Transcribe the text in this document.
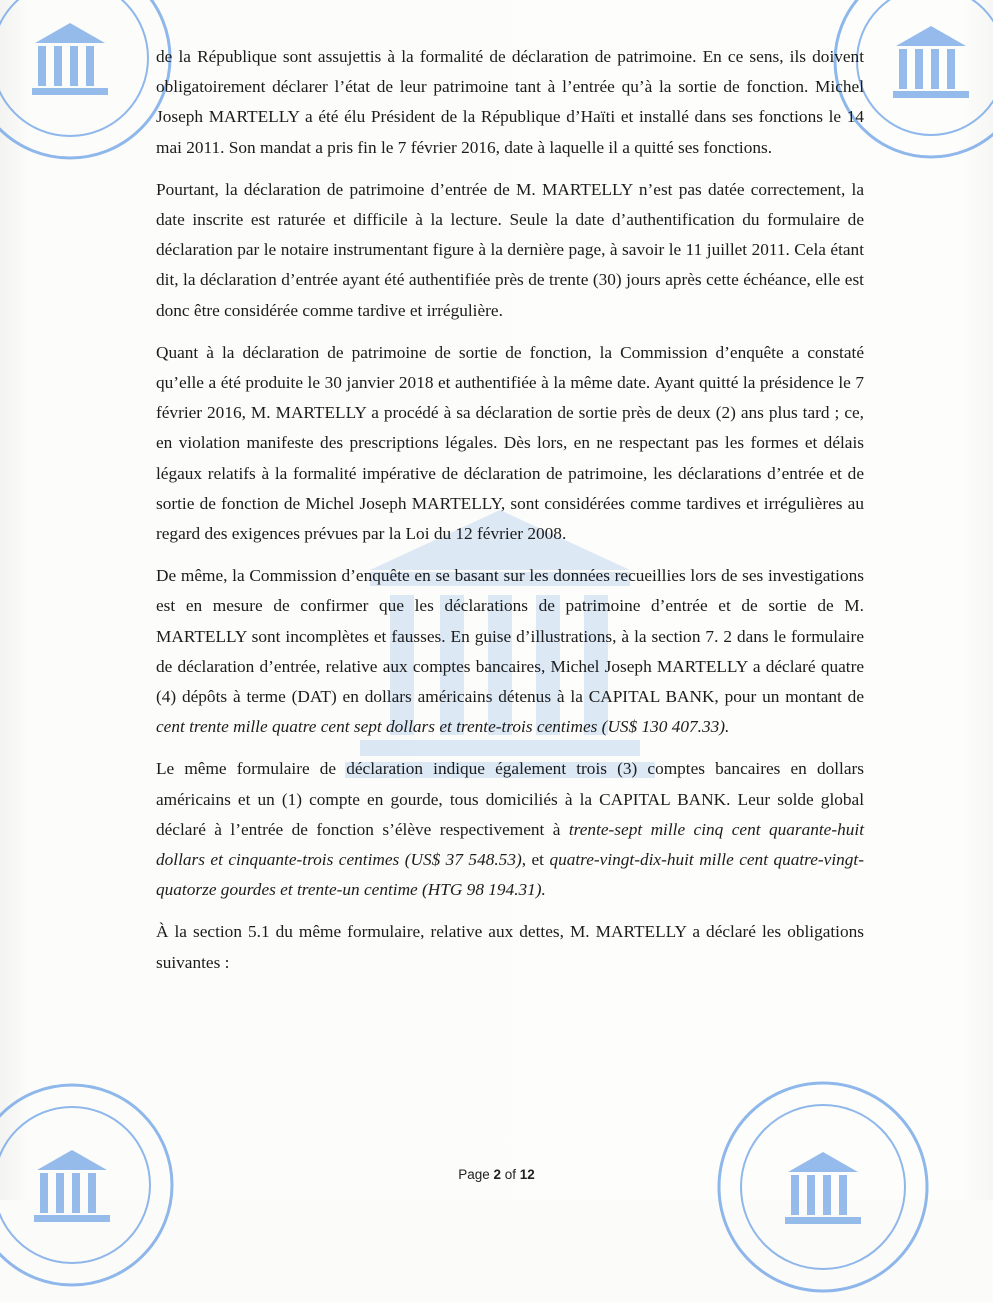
de la République sont assujettis à la formalité de déclaration de patrimoine. En ce sens, ils doivent obligatoirement déclarer l’état de leur patrimoine tant à l’entrée qu’à la sortie de fonction. Michel Joseph MARTELLY a été élu Président de la République d’Haïti et installé dans ses fonctions le 14 mai 2011. Son mandat a pris fin le 7 février 2016, date à laquelle il a quitté ses fonctions.

Pourtant, la déclaration de patrimoine d’entrée de M. MARTELLY n’est pas datée correctement, la date inscrite est raturée et difficile à la lecture. Seule la date d’authentification du formulaire de déclaration par le notaire instrumentant figure à la dernière page, à savoir le 11 juillet 2011. Cela étant dit, la déclaration d’entrée ayant été authentifiée près de trente (30) jours après cette échéance, elle est donc être considérée comme tardive et irrégulière.

Quant à la déclaration de patrimoine de sortie de fonction, la Commission d’enquête a constaté qu’elle a été produite le 30 janvier 2018 et authentifiée à la même date. Ayant quitté la présidence le 7 février 2016, M. MARTELLY a procédé à sa déclaration de sortie près de deux (2) ans plus tard ; ce, en violation manifeste des prescriptions légales. Dès lors, en ne respectant pas les formes et délais légaux relatifs à la formalité impérative de déclaration de patrimoine, les déclarations d’entrée et de sortie de fonction de Michel Joseph MARTELLY, sont considérées comme tardives et irrégulières au regard des exigences prévues par la Loi du 12 février 2008.

De même, la Commission d’enquête en se basant sur les données recueillies lors de ses investigations est en mesure de confirmer que les déclarations de patrimoine d’entrée et de sortie de M. MARTELLY sont incomplètes et fausses. En guise d’illustrations, à la section 7. 2 dans le formulaire de déclaration d’entrée, relative aux comptes bancaires, Michel Joseph MARTELLY a déclaré quatre (4) dépôts à terme (DAT) en dollars américains détenus à la CAPITAL BANK, pour un montant de cent trente mille quatre cent sept dollars et trente-trois centimes (US$ 130 407.33).

Le même formulaire de déclaration indique également trois (3) comptes bancaires en dollars américains et un (1) compte en gourde, tous domiciliés à la CAPITAL BANK. Leur solde global déclaré à l’entrée de fonction s’élève respectivement à trente-sept mille cinq cent quarante-huit dollars et cinquante-trois centimes (US$ 37 548.53), et quatre-vingt-dix-huit mille cent quatre-vingt-quatorze gourdes et trente-un centime (HTG 98 194.31).

À la section 5.1 du même formulaire, relative aux dettes, M. MARTELLY a déclaré les obligations suivantes :

Page 2 of 12
